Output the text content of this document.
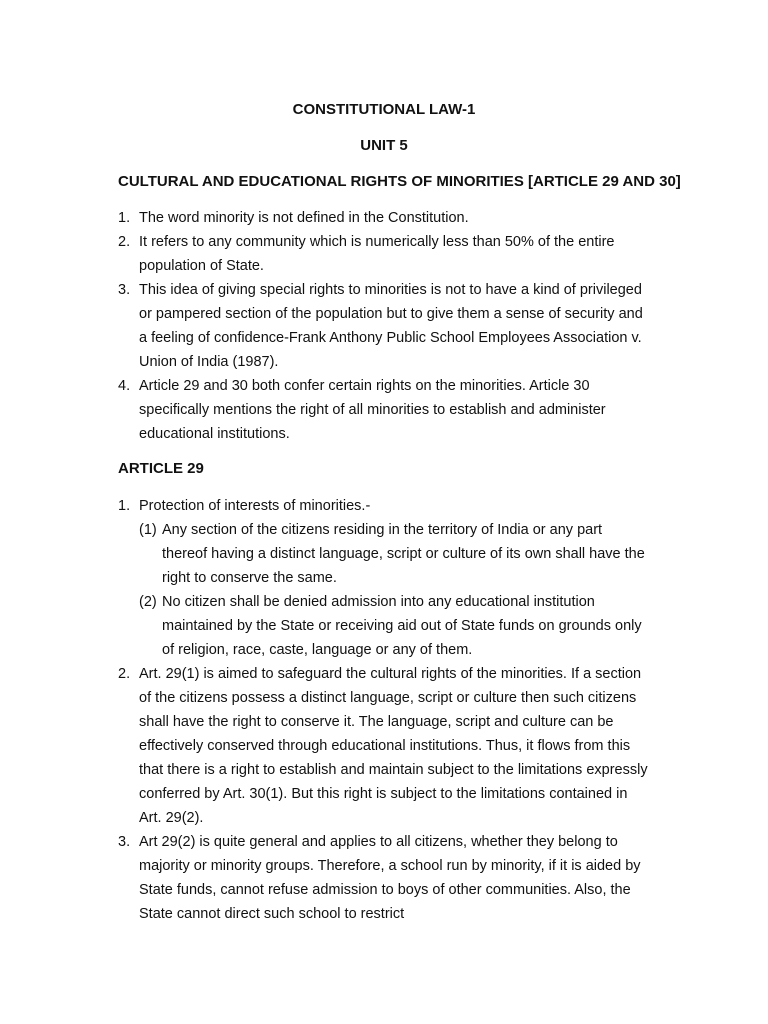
CONSTITUTIONAL LAW-1
UNIT 5
CULTURAL AND EDUCATIONAL RIGHTS OF MINORITIES [ARTICLE 29 AND 30]
1. The word minority is not defined in the Constitution.
2. It refers to any community which is numerically less than 50% of the entire population of State.
3. This idea of giving special rights to minorities is not to have a kind of privileged or pampered section of the population but to give them a sense of security and a feeling of confidence-Frank Anthony Public School Employees Association v. Union of India (1987).
4. Article 29 and 30 both confer certain rights on the minorities. Article 30 specifically mentions the right of all minorities to establish and administer educational institutions.
ARTICLE 29
1. Protection of interests of minorities.-
(1) Any section of the citizens residing in the territory of India or any part thereof having a distinct language, script or culture of its own shall have the right to conserve the same.
(2) No citizen shall be denied admission into any educational institution maintained by the State or receiving aid out of State funds on grounds only of religion, race, caste, language or any of them.
2. Art. 29(1) is aimed to safeguard the cultural rights of the minorities. If a section of the citizens possess a distinct language, script or culture then such citizens shall have the right to conserve it. The language, script and culture can be effectively conserved through educational institutions. Thus, it flows from this that there is a right to establish and maintain subject to the limitations expressly conferred by Art. 30(1). But this right is subject to the limitations contained in Art. 29(2).
3. Art 29(2) is quite general and applies to all citizens, whether they belong to majority or minority groups. Therefore, a school run by minority, if it is aided by State funds, cannot refuse admission to boys of other communities. Also, the State cannot direct such school to restrict
